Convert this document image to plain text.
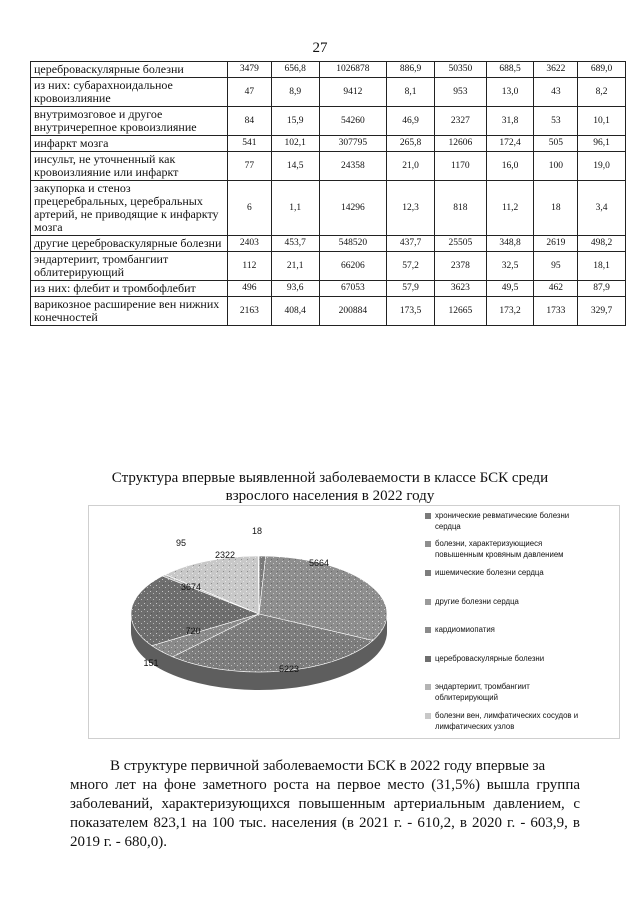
27
цереброваскулярные болезни	3479	656,8	1026878	886,9	50350	688,5	3622	689,0
из них: субарахноидальное кровоизлияние	47	8,9	9412	8,1	953	13,0	43	8,2
внутримозговое и другое внутричерепное кровоизлияние	84	15,9	54260	46,9	2327	31,8	53	10,1
инфаркт мозга	541	102,1	307795	265,8	12606	172,4	505	96,1
инсульт, не уточненный как кровоизлияние или инфаркт	77	14,5	24358	21,0	1170	16,0	100	19,0
закупорка и стеноз прецеребральных, церебральных артерий, не приводящие к инфаркту мозга	6	1,1	14296	12,3	818	11,2	18	3,4
другие цереброваскулярные болезни	2403	453,7	548520	437,7	25505	348,8	2619	498,2
эндартериит, тромбангиит облитерирующий	112	21,1	66206	57,2	2378	32,5	95	18,1
из них: флебит и тромбофлебит	496	93,6	67053	57,9	3623	49,5	462	87,9
варикозное расширение вен нижних конечностей	2163	408,4	200884	173,5	12665	173,2	1733	329,7
Структура впервые выявленной заболеваемости в классе БСК среди
взрослого населения в 2022 году
151
5664
5223
720
3674
95
2322
18
хронические ревматические болезни
сердца
болезни, характеризующиеся
повышенным кровяным давлением
ишемические болезни сердца
другие болезни сердца
кардиомиопатия
цереброваскулярные болезни
эндартериит, тромбангиит
облитерирующий
болезни вен, лимфатических сосудов и
лимфатических узлов

В структуре первичной заболеваемости БСК в 2022 году впервые за

много лет на фоне заметного роста на первое место (31,5%) вышла группа заболеваний, характеризующихся повышенным артериальным давлением, с показателем 823,1 на 100 тыс. населения (в 2021 г. - 610,2, в 2020 г. - 603,9, в 2019 г. - 680,0).
